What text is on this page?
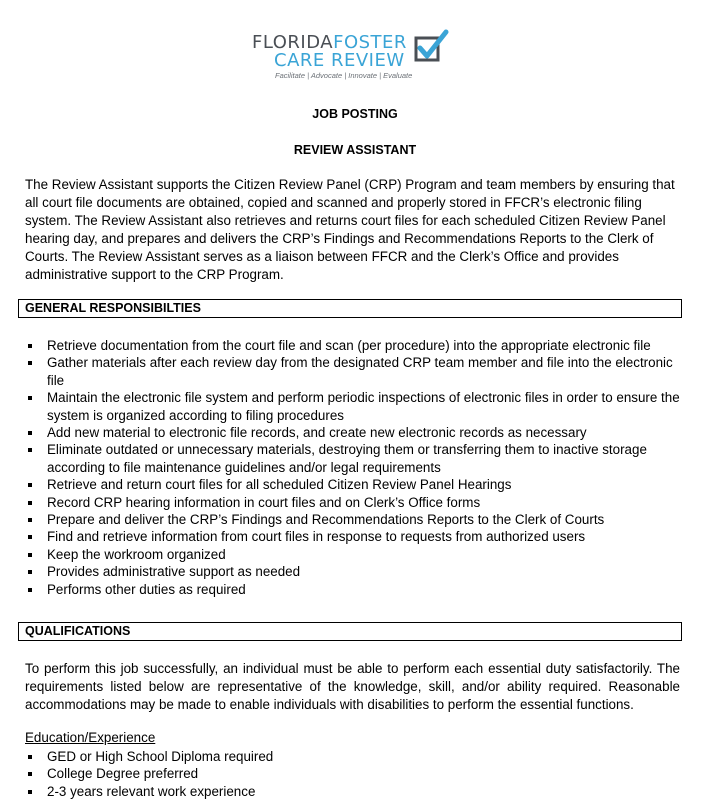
FLORIDAFOSTER
CARE REVIEW
Facilitate | Advocate | Innovate | Evaluate
JOB POSTING
REVIEW ASSISTANT
The Review Assistant supports the Citizen Review Panel (CRP) Program and team members by ensuring that all court file documents are obtained, copied and scanned and properly stored in FFCR’s electronic filing system. The Review Assistant also retrieves and returns court files for each scheduled Citizen Review Panel hearing day, and prepares and delivers the CRP’s Findings and Recommendations Reports to the Clerk of Courts. The Review Assistant serves as a liaison between FFCR and the Clerk’s Office and provides administrative support to the CRP Program.
GENERAL RESPONSIBILTIES
Retrieve documentation from the court file and scan (per procedure) into the appropriate electronic file
Gather materials after each review day from the designated CRP team member and file into the electronic file
Maintain the electronic file system and perform periodic inspections of electronic files in order to ensure the system is organized according to filing procedures
Add new material to electronic file records, and create new electronic records as necessary
Eliminate outdated or unnecessary materials, destroying them or transferring them to inactive storage according to file maintenance guidelines and/or legal requirements
Retrieve and return court files for all scheduled Citizen Review Panel Hearings
Record CRP hearing information in court files and on Clerk’s Office forms
Prepare and deliver the CRP’s Findings and Recommendations Reports to the Clerk of Courts
Find and retrieve information from court files in response to requests from authorized users
Keep the workroom organized
Provides administrative support as needed
Performs other duties as required
QUALIFICATIONS
To perform this job successfully, an individual must be able to perform each essential duty satisfactorily. The requirements listed below are representative of the knowledge, skill, and/or ability required. Reasonable accommodations may be made to enable individuals with disabilities to perform the essential functions.
Education/Experience
GED or High School Diploma required
College Degree preferred
2-3 years relevant work experience
